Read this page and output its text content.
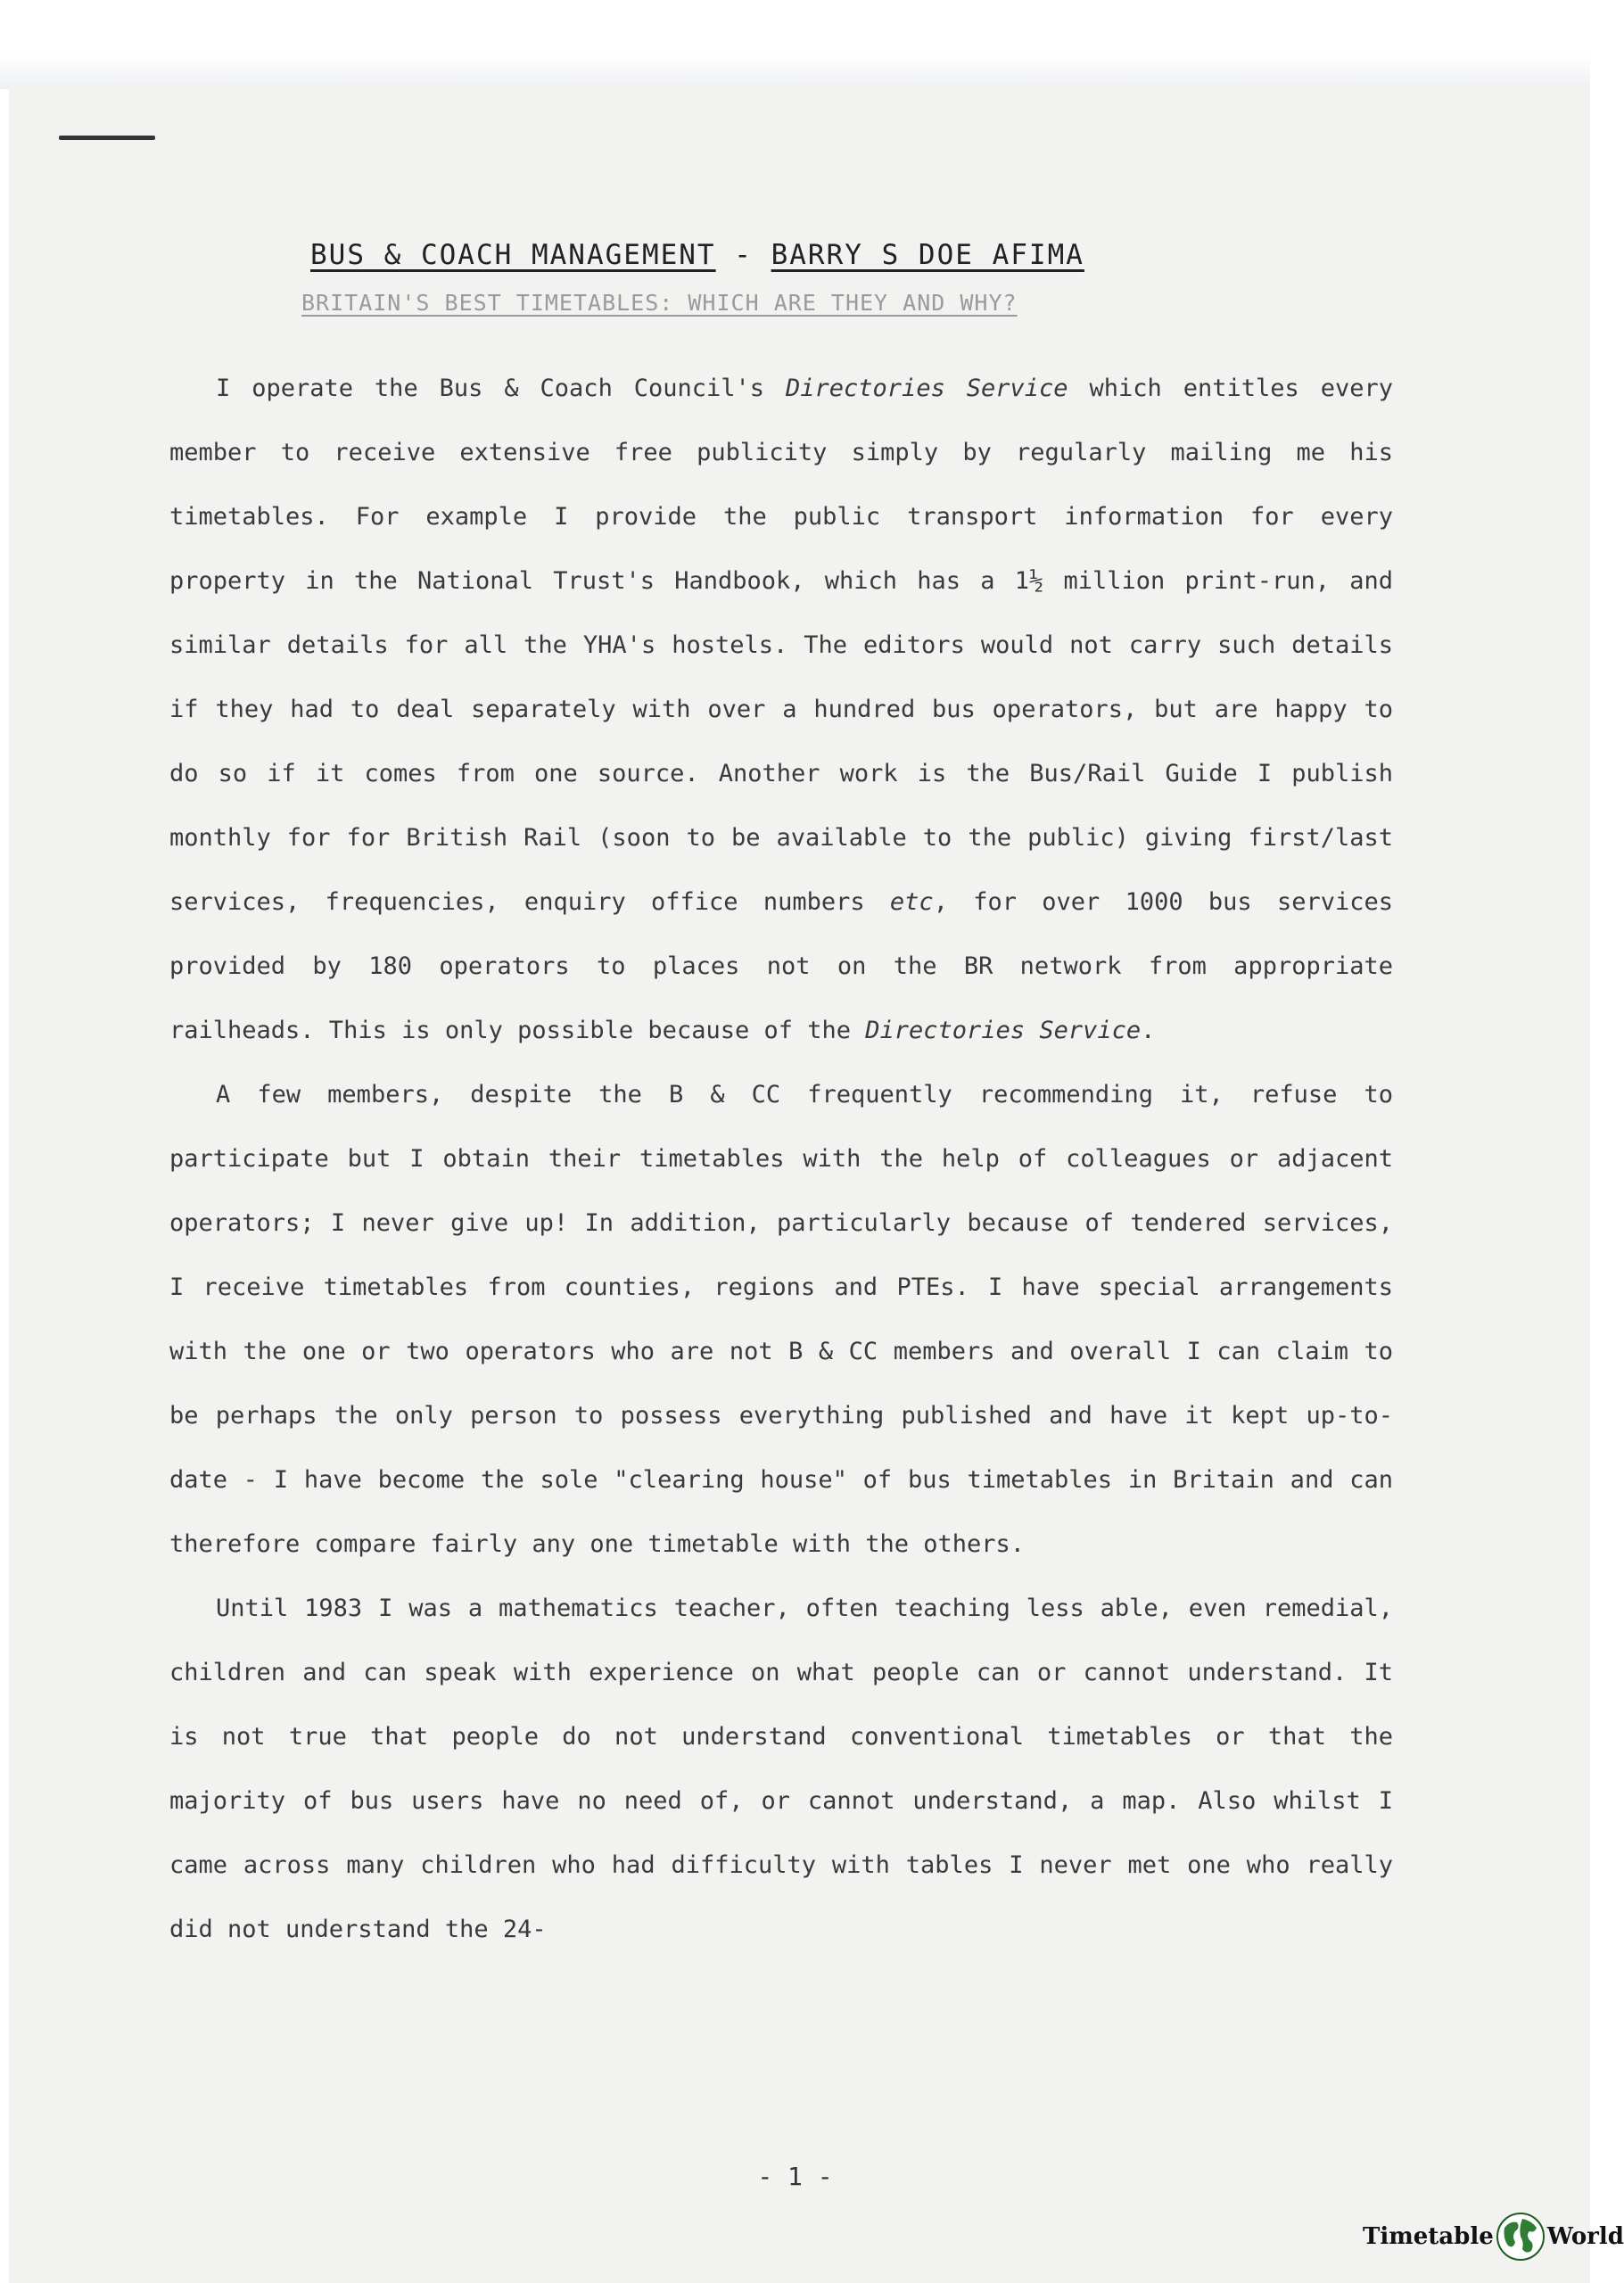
BUS & COACH MANAGEMENT - BARRY S DOE AFIMA
BRITAIN'S BEST TIMETABLES: WHICH ARE THEY AND WHY?

I operate the Bus & Coach Council's Directories Service which entitles every member to receive extensive free publicity simply by regularly mailing me his timetables. For example I provide the public transport information for every property in the National Trust's Handbook, which has a 1½ million print-run, and similar details for all the YHA's hostels. The editors would not carry such details if they had to deal separately with over a hundred bus operators, but are happy to do so if it comes from one source. Another work is the Bus/Rail Guide I publish monthly for for British Rail (soon to be available to the public) giving first/last services, frequencies, enquiry office numbers etc, for over 1000 bus services provided by 180 operators to places not on the BR network from appropriate railheads. This is only possible because of the Directories Service.

A few members, despite the B & CC frequently recommending it, refuse to participate but I obtain their timetables with the help of colleagues or adjacent operators; I never give up! In addition, particularly because of tendered services, I receive timetables from counties, regions and PTEs. I have special arrangements with the one or two operators who are not B & CC members and overall I can claim to be perhaps the only person to possess everything published and have it kept up-to-date - I have become the sole "clearing house" of bus timetables in Britain and can therefore compare fairly any one timetable with the others.

Until 1983 I was a mathematics teacher, often teaching less able, even remedial, children and can speak with experience on what people can or cannot understand. It is not true that people do not understand conventional timetables or that the majority of bus users have no need of, or cannot understand, a map. Also whilst I came across many children who had difficulty with tables I never met one who really did not understand the 24-

- 1 -
Timetable World
